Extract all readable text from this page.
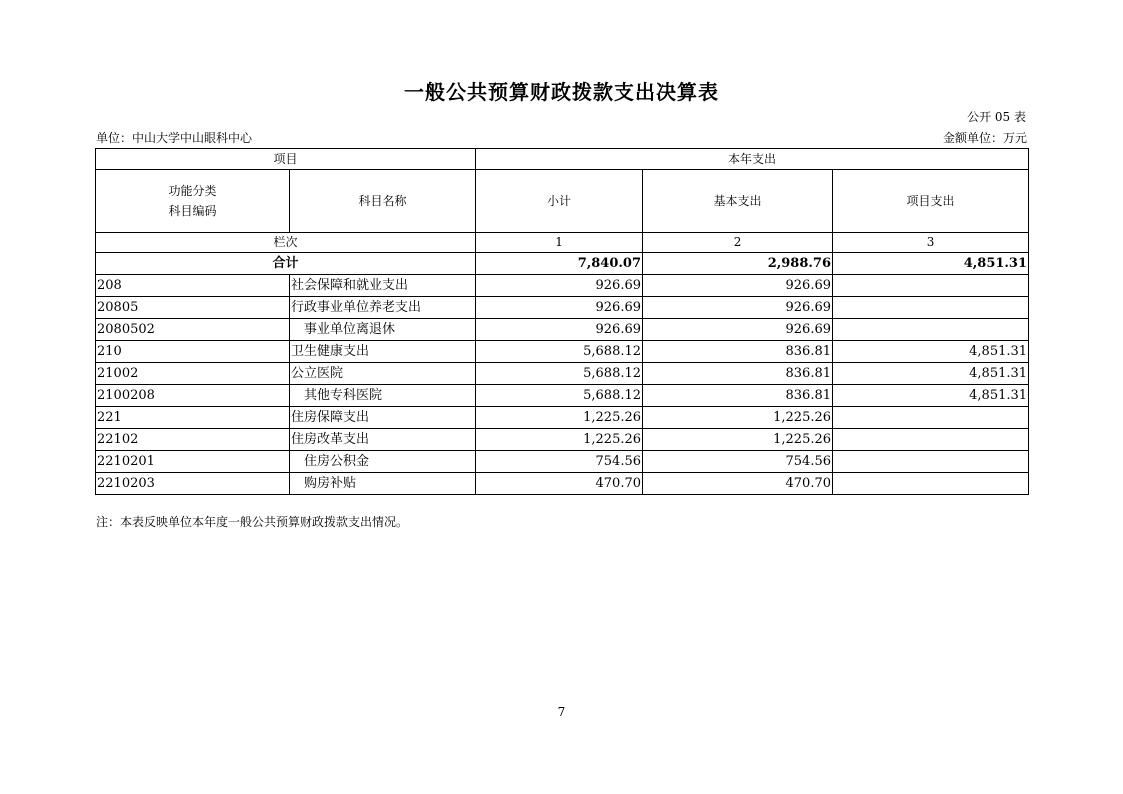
一般公共预算财政拨款支出决算表
公开 05 表
单位：中山大学中山眼科中心	金额单位：万元
项目		本年支出		

功能分类
科目编码	科目名称	小计	基本支出	项目支出
栏次		1	2	3
合计		7,840.07	2,988.76	4,851.31
208	社会保障和就业支出	926.69	926.69	
20805	行政事业单位养老支出	926.69	926.69	
2080502	事业单位离退休	926.69	926.69	
210	卫生健康支出	5,688.12	836.81	4,851.31
21002	公立医院	5,688.12	836.81	4,851.31
2100208	其他专科医院	5,688.12	836.81	4,851.31
221	住房保障支出	1,225.26	1,225.26	
22102	住房改革支出	1,225.26	1,225.26	
2210201	住房公积金	754.56	754.56	
2210203	购房补贴	470.70	470.70	
注：本表反映单位本年度一般公共预算财政拨款支出情况。
7
